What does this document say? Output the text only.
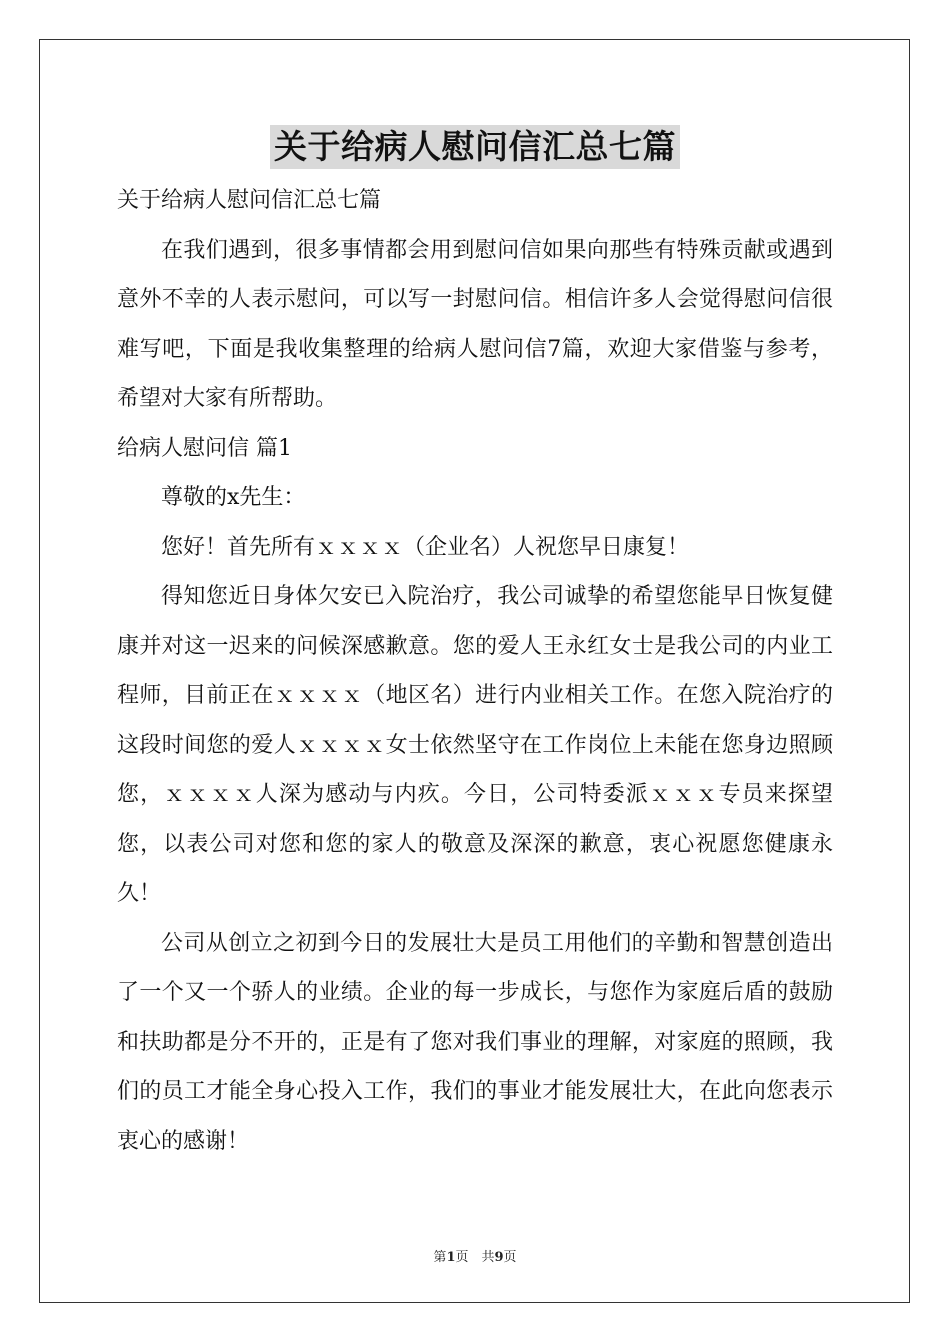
关于给病人慰问信汇总七篇
关于给病人慰问信汇总七篇

在我们遇到，很多事情都会用到慰问信如果向那些有特殊贡献或遇到意外不幸的人表示慰问，可以写一封慰问信。相信许多人会觉得慰问信很难写吧，下面是我收集整理的给病人慰问信7篇，欢迎大家借鉴与参考，希望对大家有所帮助。

给病人慰问信 篇1

尊敬的x先生：

您好！首先所有ｘｘｘｘ（企业名）人祝您早日康复！

得知您近日身体欠安已入院治疗，我公司诚挚的希望您能早日恢复健康并对这一迟来的问候深感歉意。您的爱人王永红女士是我公司的内业工程师，目前正在ｘｘｘｘ（地区名）进行内业相关工作。在您入院治疗的这段时间您的爱人ｘｘｘｘ女士依然坚守在工作岗位上未能在您身边照顾您，ｘｘｘｘ人深为感动与内疚。今日，公司特委派ｘｘｘ专员来探望您，以表公司对您和您的家人的敬意及深深的歉意，衷心祝愿您健康永久！

公司从创立之初到今日的发展壮大是员工用他们的辛勤和智慧创造出了一个又一个骄人的业绩。企业的每一步成长，与您作为家庭后盾的鼓励和扶助都是分不开的，正是有了您对我们事业的理解，对家庭的照顾，我们的员工才能全身心投入工作，我们的事业才能发展壮大，在此向您表示衷心的感谢！

第1页　共9页
